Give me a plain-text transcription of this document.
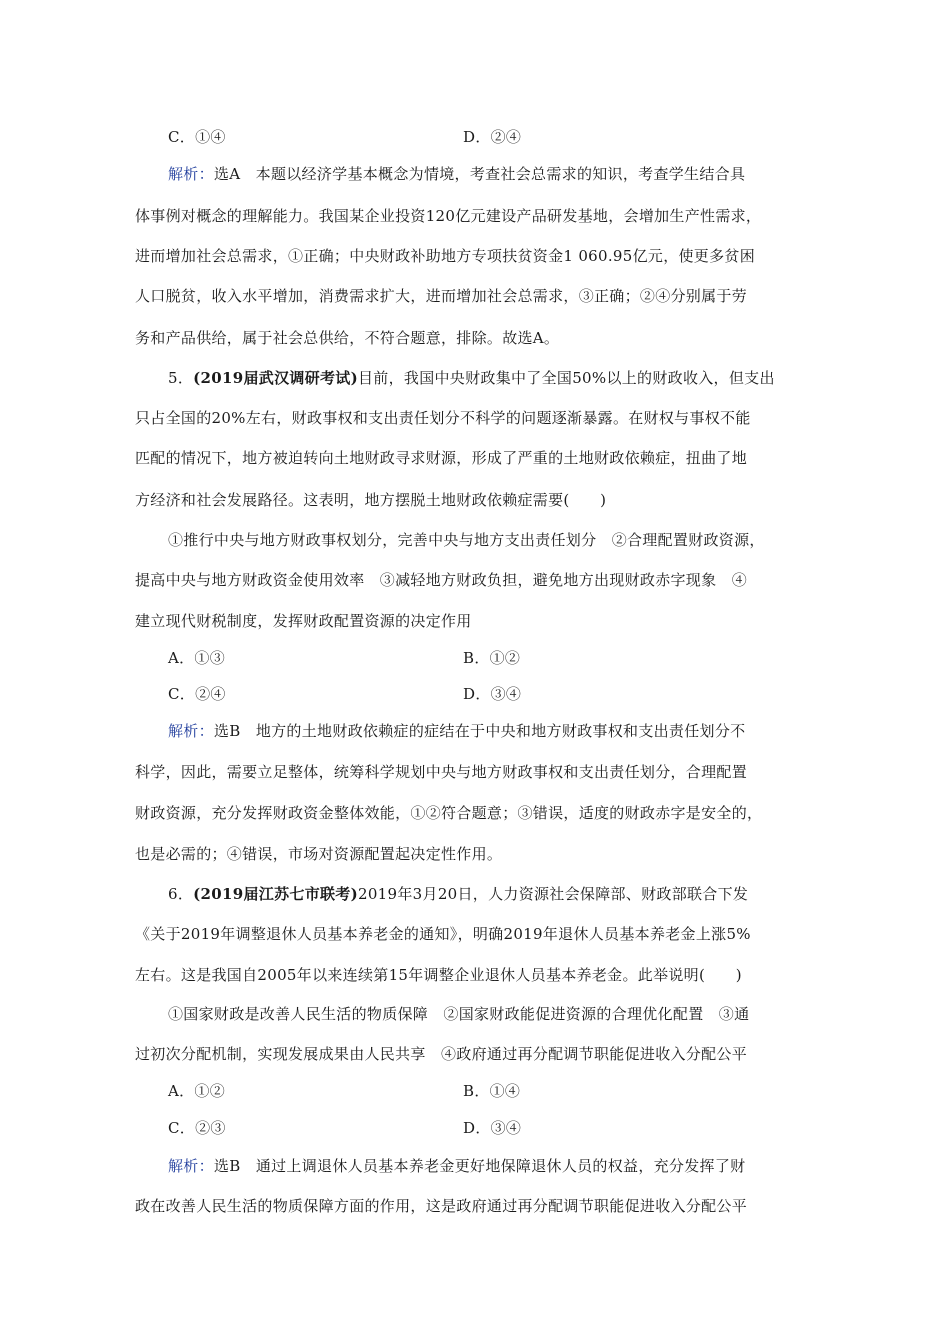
C．①④	D．②④
解析：选A　本题以经济学基本概念为情境，考查社会总需求的知识，考查学生结合具
体事例对概念的理解能力。我国某企业投资120亿元建设产品研发基地，会增加生产性需求，
进而增加社会总需求，①正确；中央财政补助地方专项扶贫资金1 060.95亿元，使更多贫困
人口脱贫，收入水平增加，消费需求扩大，进而增加社会总需求，③正确；②④分别属于劳
务和产品供给，属于社会总供给，不符合题意，排除。故选A。
5．(2019届武汉调研考试)目前，我国中央财政集中了全国50%以上的财政收入，但支出
只占全国的20%左右，财政事权和支出责任划分不科学的问题逐渐暴露。在财权与事权不能
匹配的情况下，地方被迫转向土地财政寻求财源，形成了严重的土地财政依赖症，扭曲了地
方经济和社会发展路径。这表明，地方摆脱土地财政依赖症需要(　　)
①推行中央与地方财政事权划分，完善中央与地方支出责任划分　②合理配置财政资源，
提高中央与地方财政资金使用效率　③减轻地方财政负担，避免地方出现财政赤字现象　④
建立现代财税制度，发挥财政配置资源的决定作用
A．①③	B．①②
C．②④	D．③④
解析：选B　地方的土地财政依赖症的症结在于中央和地方财政事权和支出责任划分不
科学，因此，需要立足整体，统筹科学规划中央与地方财政事权和支出责任划分，合理配置
财政资源，充分发挥财政资金整体效能，①②符合题意；③错误，适度的财政赤字是安全的，
也是必需的；④错误，市场对资源配置起决定性作用。
6．(2019届江苏七市联考)2019年3月20日，人力资源社会保障部、财政部联合下发
《关于2019年调整退休人员基本养老金的通知》，明确2019年退休人员基本养老金上涨5%
左右。这是我国自2005年以来连续第15年调整企业退休人员基本养老金。此举说明(　　)
①国家财政是改善人民生活的物质保障　②国家财政能促进资源的合理优化配置　③通
过初次分配机制，实现发展成果由人民共享　④政府通过再分配调节职能促进收入分配公平
A．①②	B．①④
C．②③	D．③④
解析：选B　通过上调退休人员基本养老金更好地保障退休人员的权益，充分发挥了财
政在改善人民生活的物质保障方面的作用，这是政府通过再分配调节职能促进收入分配公平
